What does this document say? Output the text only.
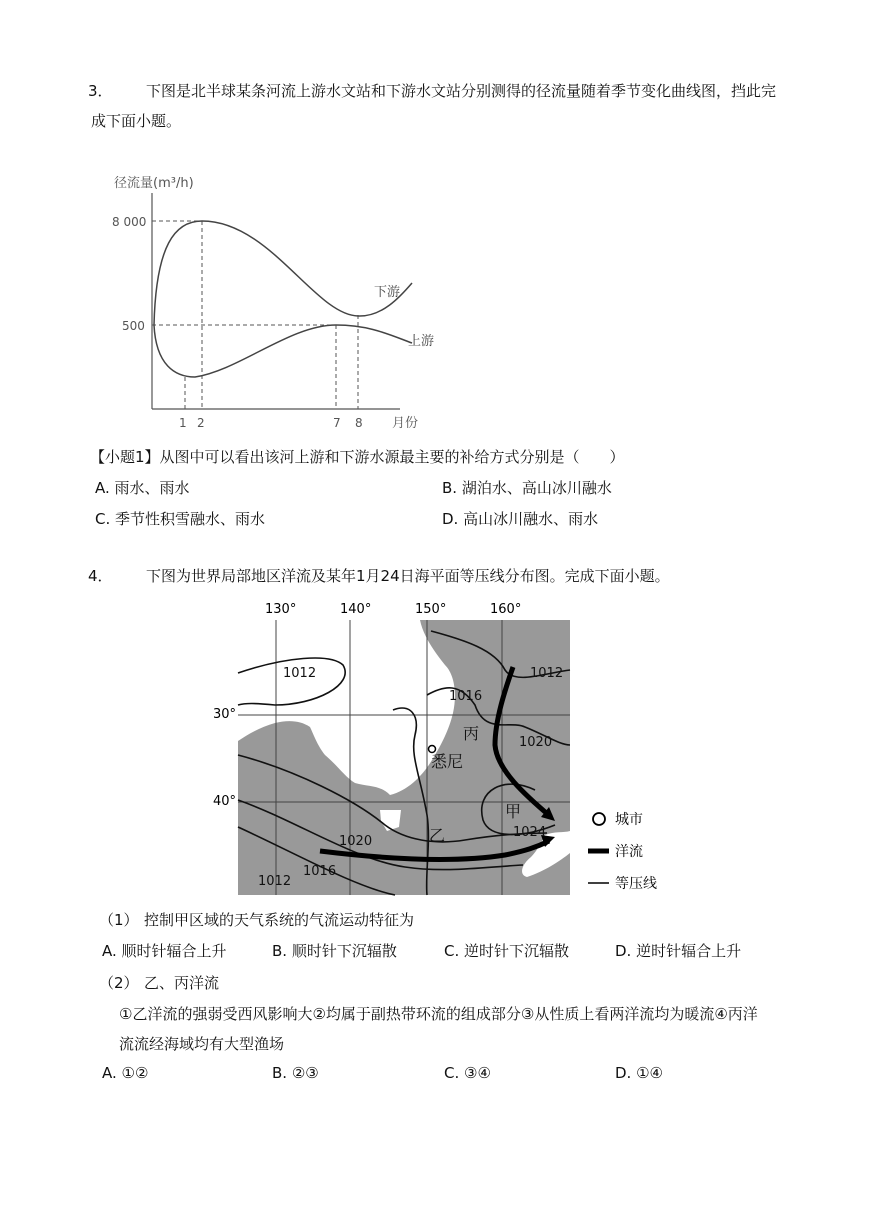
3． 下图是北半球某条河流上游水文站和下游水文站分别测得的径流量随着季节变化曲线图，挡此完
成下面小题。
径流量(m³/h)
月份
8 000
500
1 2	7 8
下游
上游
【小题1】从图中可以看出该河上游和下游水源最主要的补给方式分别是（　　）
A. 雨水、雨水	B. 湖泊水、高山冰川融水
C. 季节性积雪融水、雨水	D. 高山冰川融水、雨水
4． 下图为世界局部地区洋流及某年1月24日海平面等压线分布图。完成下面小题。
130°	140°	150°	160°
30°
40°
1012	1012
1012
1016
1016
1020
1020
1024
丙
甲
乙
悉尼
城市
洋流
等压线
（1） 控制甲区域的天气系统的气流运动特征为
A. 顺时针辐合上升	B. 顺时针下沉辐散	C. 逆时针下沉辐散	D. 逆时针辐合上升
（2） 乙、丙洋流
①乙洋流的强弱受西风影响大②均属于副热带环流的组成部分③从性质上看两洋流均为暖流④丙洋
流流经海域均有大型渔场
A. ①②	B. ②③	C. ③④	D. ①④
